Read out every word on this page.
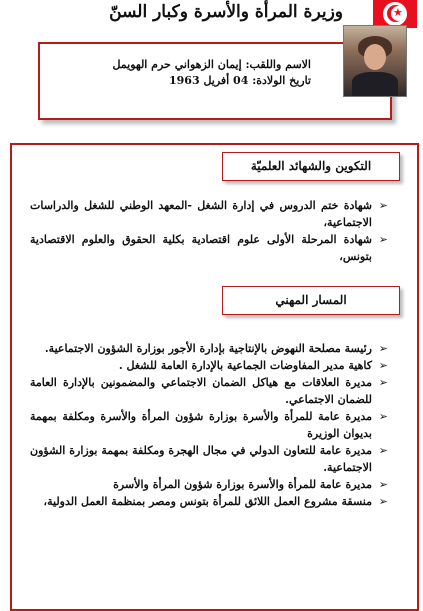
وزيرة المرأة والأسرة وكبار السنّ	★
الاسم واللقب: إيمان الزهواني حرم الهويمل
تاريخ الولادة: 04 أفريل 1963
التكوين والشهائد العلميّة
➢
شهادة ختم الدروس في إدارة الشغل -المعهد الوطني للشغل والدراسات الاجتماعية،
➢
شهادة المرحلة الأولى علوم اقتصادية بكلية الحقوق والعلوم الاقتصادية بتونس،
المسار المهني
➢
رئيسة مصلحة النهوض بالإنتاجية بإدارة الأجور بوزارة الشؤون الاجتماعية.
➢
كاهية مدير المفاوضات الجماعية بالإدارة العامة للشغل .
➢
مديرة العلاقات مع هياكل الضمان الاجتماعي والمضمونين بالإدارة العامة للضمان الاجتماعي.
➢
مديرة عامة للمرأة والأسرة بوزارة شؤون المرأة والأسرة ومكلفة بمهمة بديوان الوزيرة
➢
مديرة عامة للتعاون الدولي في مجال الهجرة ومكلفة بمهمة بوزارة الشؤون الاجتماعية.
➢
مديرة عامة للمرأة والأسرة بوزارة شؤون المرأة والأسرة
➢
منسقة مشروع العمل اللائق للمرأة بتونس ومصر بمنظمة العمل الدولية،
